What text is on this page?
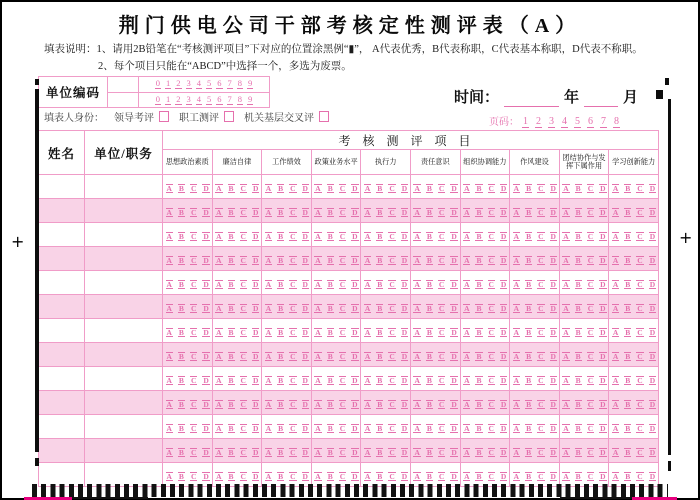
荆门供电公司干部考核定性测评表（A）
填表说明：1、请用2B铅笔在“考核测评项目”下对应的位置涂黑例“▮”， A代表优秀，B代表称职，C代表基本称职，D代表不称职。
2、每个项目只能在“ABCD”中选择一个，多选为废票。
单位编码
0 1 2 3 4 5 6 7 8 9
0 1 2 3 4 5 6 7 8 9	时间：	年	月
填表人身份： 领导考评	职工测评	机关基层交叉评	页码： 1 2 3 4 5 6 7 8
姓名	单位/职务	考核测评项目									
		思想政治素质	廉洁自律	工作绩效	政策业务水平	执行力	责任意识	组织协调能力	作风建设	团结协作与发挥下属作用	学习创新能力
		A B C D	A B C D	A B C D	A B C D	A B C D	A B C D	A B C D	A B C D	A B C D	A B C D
		A B C D	A B C D	A B C D	A B C D	A B C D	A B C D	A B C D	A B C D	A B C D	A B C D
		A B C D	A B C D	A B C D	A B C D	A B C D	A B C D	A B C D	A B C D	A B C D	A B C D
		A B C D	A B C D	A B C D	A B C D	A B C D	A B C D	A B C D	A B C D	A B C D	A B C D
		A B C D	A B C D	A B C D	A B C D	A B C D	A B C D	A B C D	A B C D	A B C D	A B C D
		A B C D	A B C D	A B C D	A B C D	A B C D	A B C D	A B C D	A B C D	A B C D	A B C D
		A B C D	A B C D	A B C D	A B C D	A B C D	A B C D	A B C D	A B C D	A B C D	A B C D
		A B C D	A B C D	A B C D	A B C D	A B C D	A B C D	A B C D	A B C D	A B C D	A B C D
		A B C D	A B C D	A B C D	A B C D	A B C D	A B C D	A B C D	A B C D	A B C D	A B C D
		A B C D	A B C D	A B C D	A B C D	A B C D	A B C D	A B C D	A B C D	A B C D	A B C D
		A B C D	A B C D	A B C D	A B C D	A B C D	A B C D	A B C D	A B C D	A B C D	A B C D
		A B C D	A B C D	A B C D	A B C D	A B C D	A B C D	A B C D	A B C D	A B C D	A B C D
		A B C D	A B C D	A B C D	A B C D	A B C D	A B C D	A B C D	A B C D	A B C D	A B C D
+	+
